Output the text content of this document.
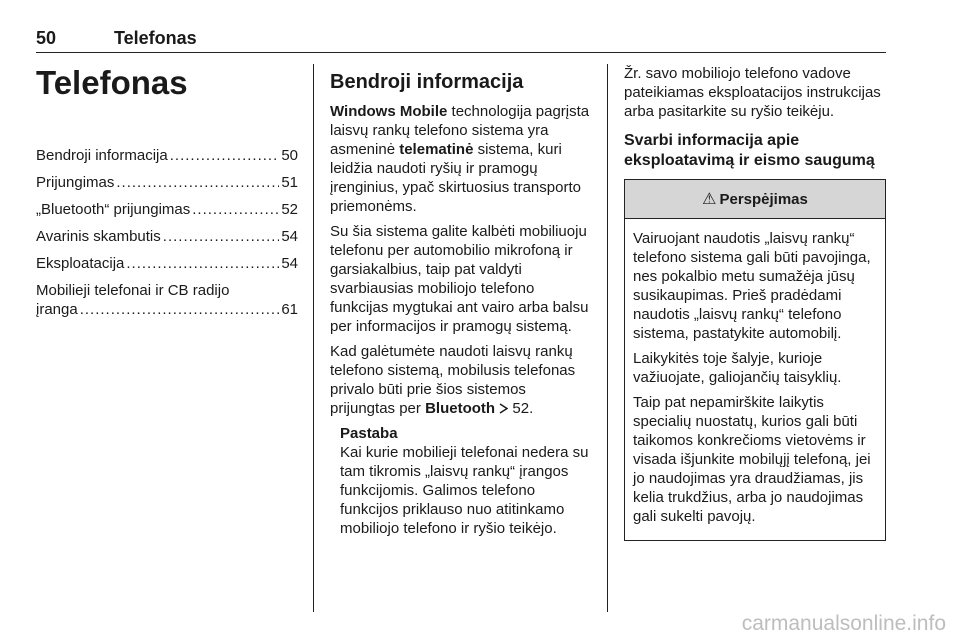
50	Telefonas
Telefonas
Bendroji informacija .....	50
Prijungimas .....	51
„Bluetooth“ prijungimas .....	52
Avarinis skambutis .....	54
Eksploatacija .....	54
Mobilieji telefonai ir CB radijo
įranga .....	61
Bendroji informacija

Windows Mobile technologija pagrįsta laisvų rankų telefono sistema yra asmeninė telematinė sistema, kuri leidžia naudoti ryšių ir pramogų įrenginius, ypač skirtuosius transporto priemonėms.

Su šia sistema galite kalbėti mobiliuoju telefonu per automobilio mikrofoną ir garsiakalbius, taip pat valdyti svarbiausias mobiliojo telefono funkcijas mygtukai ant vairo arba balsu per informacijos ir pramogų sistemą.

Kad galėtumėte naudoti laisvų rankų telefono sistemą, mobilusis telefonas privalo būti prie šios sistemos prijungtas per Bluetooth  52.

Pastaba

Kai kurie mobilieji telefonai nedera su tam tikromis „laisvų rankų“ įrangos funkcijomis. Galimos telefono funkcijos priklauso nuo atitinkamo mobiliojo telefono ir ryšio teikėjo.

Žr. savo mobiliojo telefono vadove pateikiamas eksploatacijos instrukcijas arba pasitarkite su ryšio teikėju.

Svarbi informacija apie eksploatavimą ir eismo saugumą
⚠ Perspėjimas

Vairuojant naudotis „laisvų rankų“ telefono sistema gali būti pavojinga, nes pokalbio metu sumažėja jūsų susikaupimas. Prieš pradėdami naudotis „laisvų rankų“ telefono sistema, pastatykite automobilį.

Laikykitės toje šalyje, kurioje važiuojate, galiojančių taisyklių.

Taip pat nepamirškite laikytis specialių nuostatų, kurios gali būti taikomos konkrečioms vietovėms ir visada išjunkite mobilųjį telefoną, jei jo naudojimas yra draudžiamas, jis kelia trukdžius, arba jo naudojimas gali sukelti pavojų.

carmanualsonline.info
